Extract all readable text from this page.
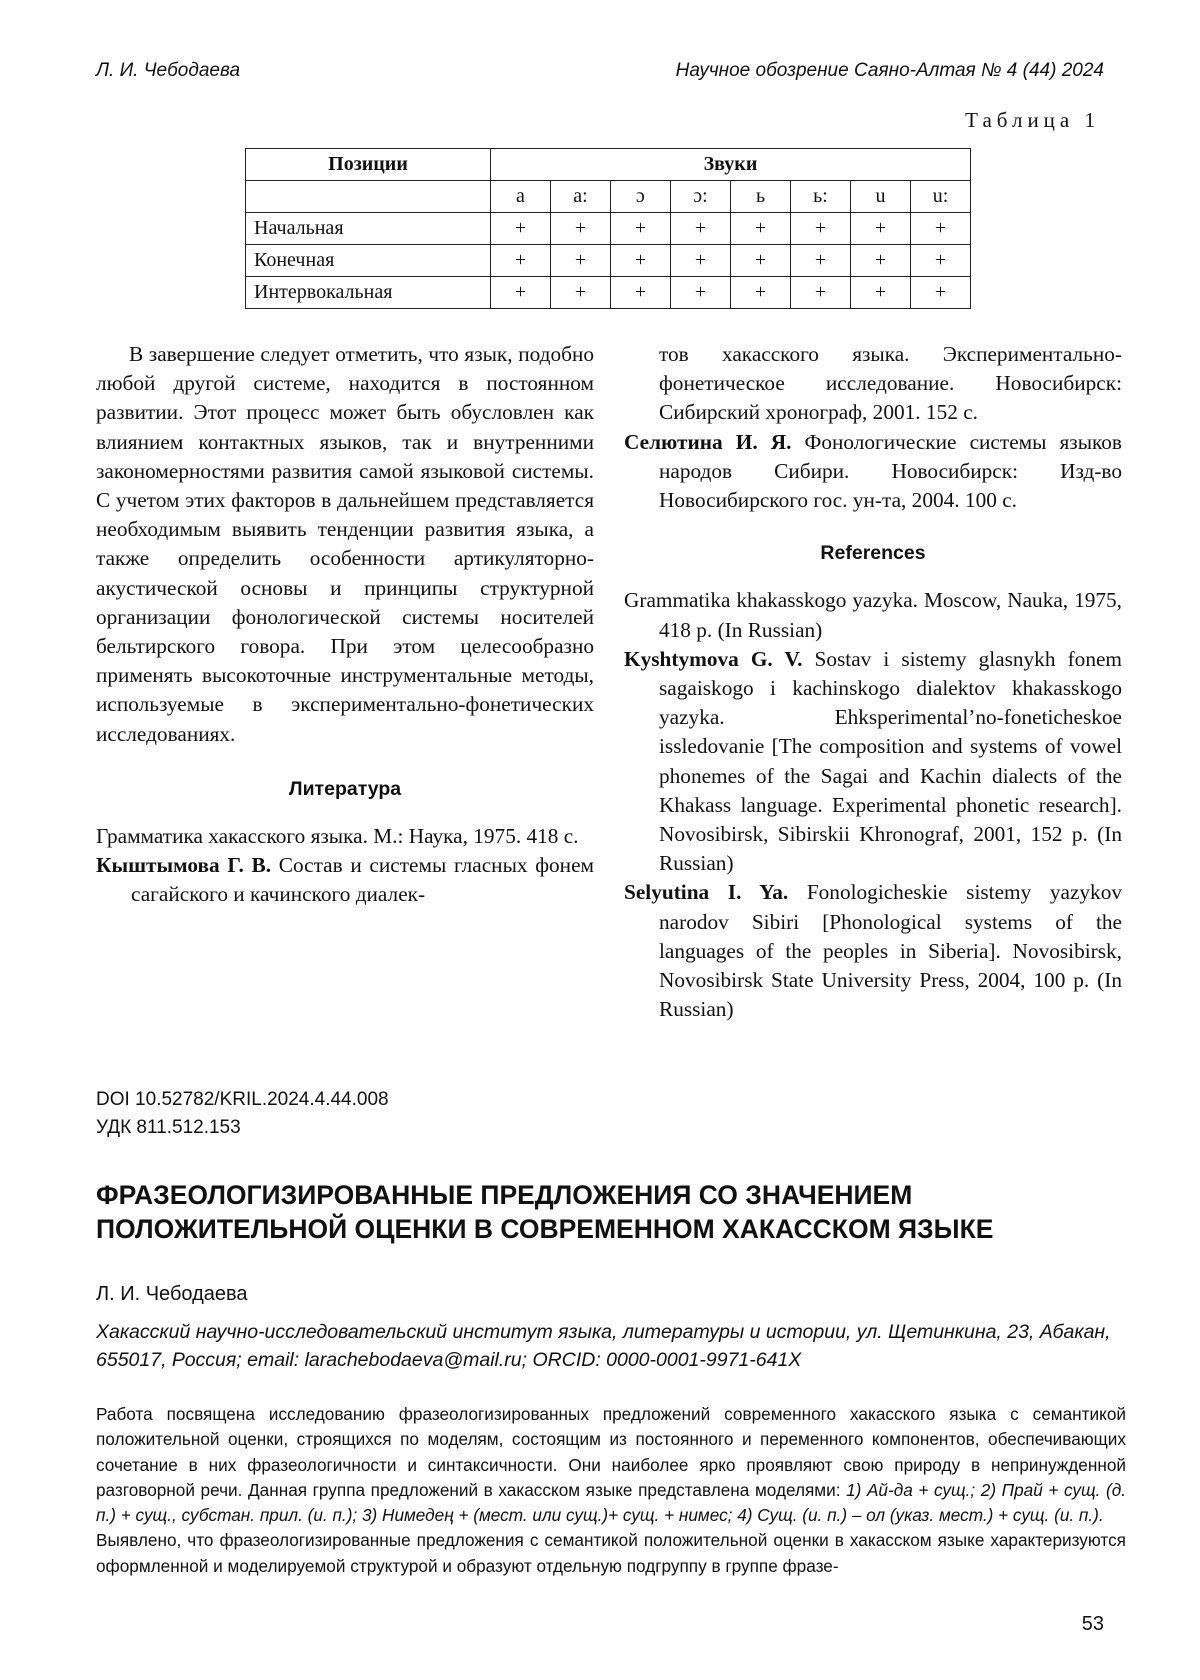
Л. И. Чебодаева	Научное обозрение Саяно-Алтая № 4 (44) 2024
Таблица 1
Позиции	Звуки							
	a	a:	ɔ	ɔ:	ь	ь:	u	u:
Начальная	+	+	+	+	+	+	+	+
Конечная	+	+	+	+	+	+	+	+
Интервокальная	+	+	+	+	+	+	+	+

В завершение следует отметить, что язык, подобно любой другой системе, находится в постоянном развитии. Этот процесс может быть обусловлен как влиянием контактных языков, так и внутренними закономерностями развития самой языковой системы. С учетом этих факторов в дальнейшем представляется необходимым выявить тенденции развития языка, а также определить особенности артикуляторно-акустической основы и принципы структурной организации фонологической системы носителей бельтирского говора. При этом целесообразно применять высокоточные инструментальные методы, используемые в экспериментально-фонетических исследованиях.

Литература

Грамматика хакасского языка. М.: Наука, 1975. 418 с.

Кыштымова Г. В. Состав и системы гласных фонем сагайского и качинского диалек-

тов хакасского языка. Экспериментально-фонетическое исследование. Новосибирск: Сибирский хронограф, 2001. 152 с.

Селютина И. Я. Фонологические системы языков народов Сибири. Новосибирск: Изд-во Новосибирского гос. ун-та, 2004. 100 с.

References

Grammatika khakasskogo yazyka. Moscow, Nauka, 1975, 418 p. (In Russian)

Kyshtymova G. V. Sostav i sistemy glasnykh fonem sagaiskogo i kachinskogo dialektov khakasskogo yazyka. Ehksperimental’no-foneticheskoe issledovanie [The composition and systems of vowel phonemes of the Sagai and Kachin dialects of the Khakass language. Experimental phonetic research]. Novosibirsk, Sibirskii Khronograf, 2001, 152 p. (In Russian)

Selyutina I. Ya. Fonologicheskie sistemy yazykov narodov Sibiri [Phonological systems of the languages of the peoples in Siberia]. Novosibirsk, Novosibirsk State University Press, 2004, 100 p. (In Russian)

DOI 10.52782/KRIL.2024.4.44.008
УДК 811.512.153
ФРАЗЕОЛОГИЗИРОВАННЫЕ ПРЕДЛОЖЕНИЯ СО ЗНАЧЕНИЕМ ПОЛОЖИТЕЛЬНОЙ ОЦЕНКИ В СОВРЕМЕННОМ ХАКАССКОМ ЯЗЫКЕ
Л. И. Чебодаева

Хакасский научно-исследовательский институт языка, литературы и истории, ул. Щетинкина, 23, Абакан, 655017, Россия; email: larachebodaeva@mail.ru; ORCID: 0000-0001-9971-641X

Работа посвящена исследованию фразеологизированных предложений современного хакасского языка с семантикой положительной оценки, строящихся по моделям, состоящим из постоянного и переменного компонентов, обеспечивающих сочетание в них фразеологичности и синтаксичности. Они наиболее ярко проявляют свою природу в непринужденной разговорной речи. Данная группа предложений в хакасском языке представлена моделями: 1) Ай-да + сущ.; 2) Прай + сущ. (д. п.) + сущ., субстан. прил. (и. п.); 3) Нимедең + (мест. или сущ.)+ сущ. + нимес; 4) Сущ. (и. п.) – ол (указ. мест.) + сущ. (и. п.).

Выявлено, что фразеологизированные предложения с семантикой положительной оценки в хакасском языке характеризуются оформленной и моделируемой структурой и образуют отдельную подгруппу в группе фразе-

53
